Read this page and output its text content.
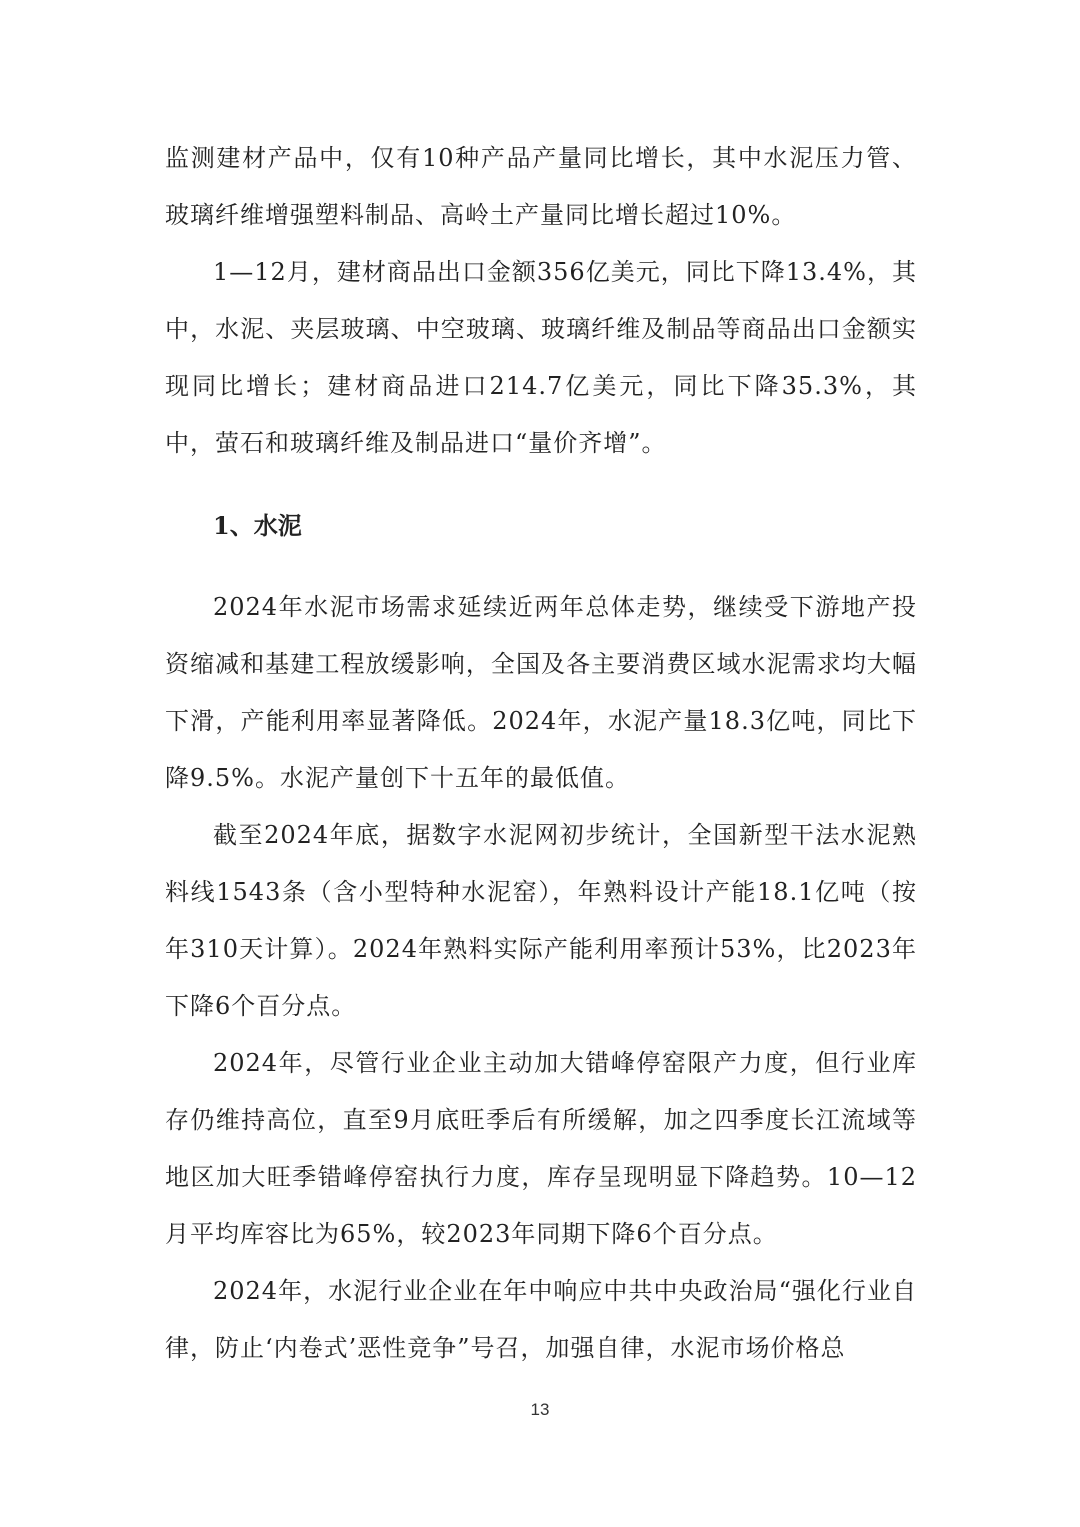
监测建材产品中，仅有10种产品产量同比增长，其中水泥压力管、玻璃纤维增强塑料制品、高岭土产量同比增长超过10%。

1—12月，建材商品出口金额356亿美元，同比下降13.4%，其中，水泥、夹层玻璃、中空玻璃、玻璃纤维及制品等商品出口金额实现同比增长；建材商品进口214.7亿美元，同比下降35.3%，其中，萤石和玻璃纤维及制品进口“量价齐增”。

1、水泥

2024年水泥市场需求延续近两年总体走势，继续受下游地产投资缩减和基建工程放缓影响，全国及各主要消费区域水泥需求均大幅下滑，产能利用率显著降低。2024年，水泥产量18.3亿吨，同比下降9.5%。水泥产量创下十五年的最低值。

截至2024年底，据数字水泥网初步统计，全国新型干法水泥熟料线1543条（含小型特种水泥窑），年熟料设计产能18.1亿吨（按年310天计算）。2024年熟料实际产能利用率预计53%，比2023年下降6个百分点。

2024年，尽管行业企业主动加大错峰停窑限产力度，但行业库存仍维持高位，直至9月底旺季后有所缓解，加之四季度长江流域等地区加大旺季错峰停窑执行力度，库存呈现明显下降趋势。10—12月平均库容比为65%，较2023年同期下降6个百分点。

2024年，水泥行业企业在年中响应中共中央政治局“强化行业自律，防止‘内卷式’恶性竞争”号召，加强自律，水泥市场价格总

13
